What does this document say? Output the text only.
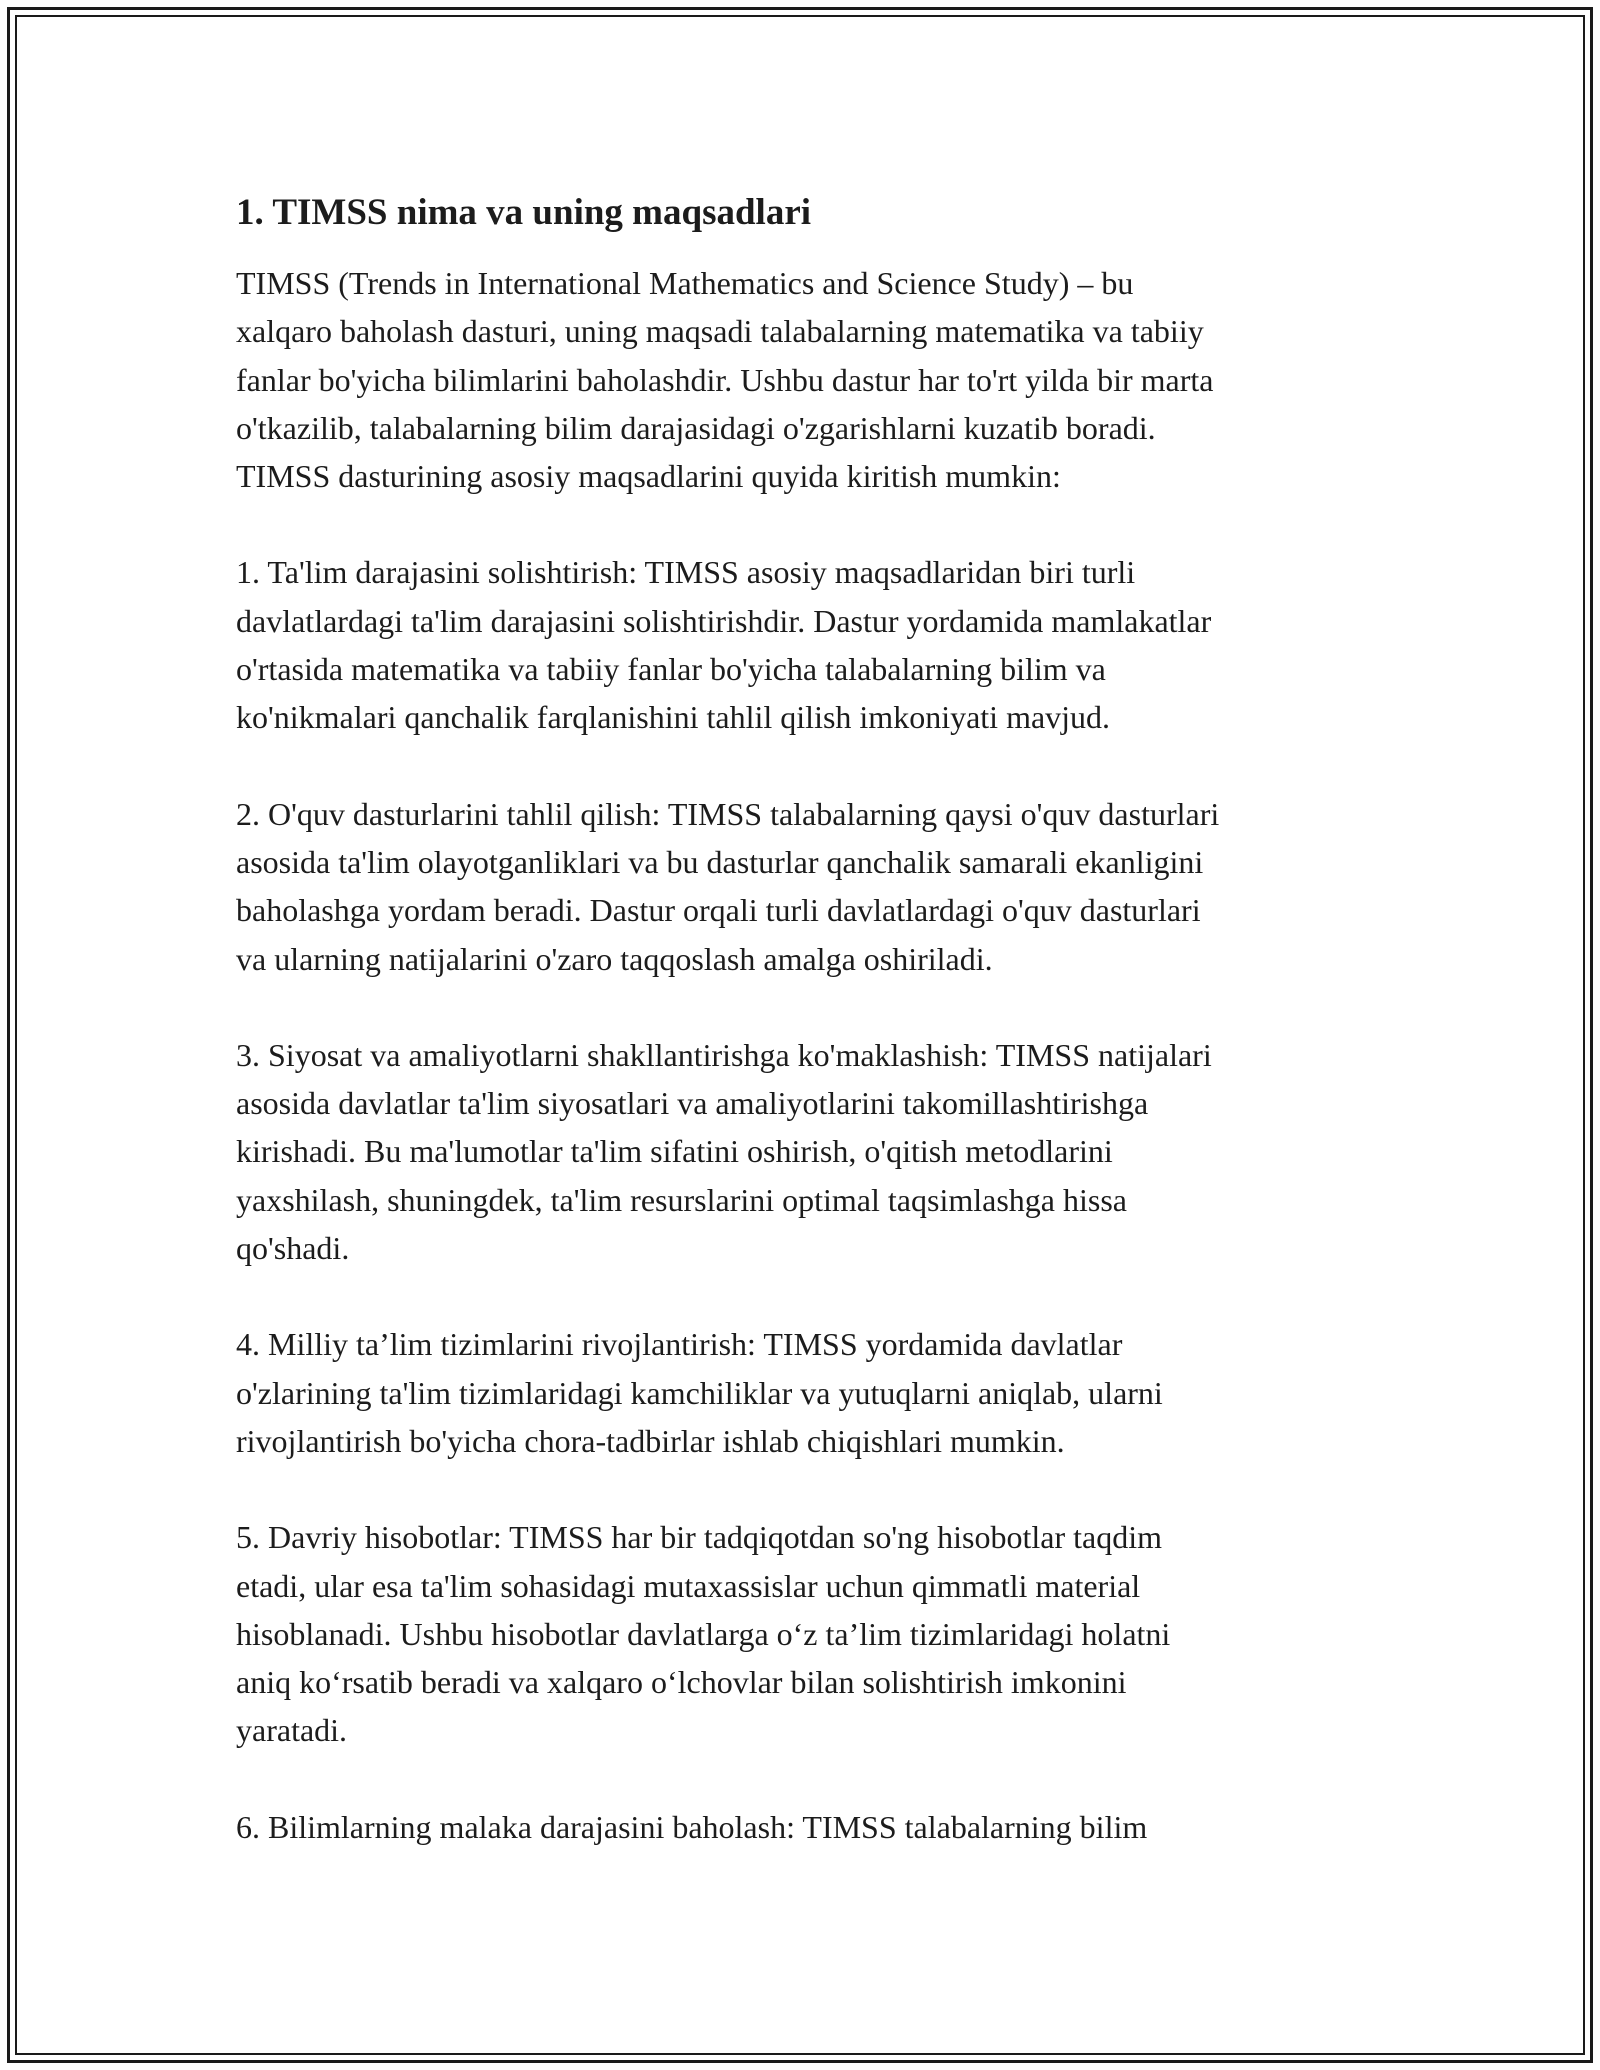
1. TIMSS nima va uning maqsadlari
TIMSS (Trends in International Mathematics and Science Study) – bu
xalqaro baholash dasturi, uning maqsadi talabalarning matematika va tabiiy
fanlar bo'yicha bilimlarini baholashdir. Ushbu dastur har to'rt yilda bir marta
o'tkazilib, talabalarning bilim darajasidagi o'zgarishlarni kuzatib boradi.
TIMSS dasturining asosiy maqsadlarini quyida kiritish mumkin:
1. Ta'lim darajasini solishtirish: TIMSS asosiy maqsadlaridan biri turli
davlatlardagi ta'lim darajasini solishtirishdir. Dastur yordamida mamlakatlar
o'rtasida matematika va tabiiy fanlar bo'yicha talabalarning bilim va
ko'nikmalari qanchalik farqlanishini tahlil qilish imkoniyati mavjud.
2. O'quv dasturlarini tahlil qilish: TIMSS talabalarning qaysi o'quv dasturlari
asosida ta'lim olayotganliklari va bu dasturlar qanchalik samarali ekanligini
baholashga yordam beradi. Dastur orqali turli davlatlardagi o'quv dasturlari
va ularning natijalarini o'zaro taqqoslash amalga oshiriladi.
3. Siyosat va amaliyotlarni shakllantirishga ko'maklashish: TIMSS natijalari
asosida davlatlar ta'lim siyosatlari va amaliyotlarini takomillashtirishga
kirishadi. Bu ma'lumotlar ta'lim sifatini oshirish, o'qitish metodlarini
yaxshilash, shuningdek, ta'lim resurslarini optimal taqsimlashga hissa
qo'shadi.
4. Milliy ta’lim tizimlarini rivojlantirish: TIMSS yordamida davlatlar
o'zlarining ta'lim tizimlaridagi kamchiliklar va yutuqlarni aniqlab, ularni
rivojlantirish bo'yicha chora-tadbirlar ishlab chiqishlari mumkin.
5. Davriy hisobotlar: TIMSS har bir tadqiqotdan so'ng hisobotlar taqdim
etadi, ular esa ta'lim sohasidagi mutaxassislar uchun qimmatli material
hisoblanadi. Ushbu hisobotlar davlatlarga o‘z ta’lim tizimlaridagi holatni
aniq ko‘rsatib beradi va xalqaro o‘lchovlar bilan solishtirish imkonini
yaratadi.
6. Bilimlarning malaka darajasini baholash: TIMSS talabalarning bilim
